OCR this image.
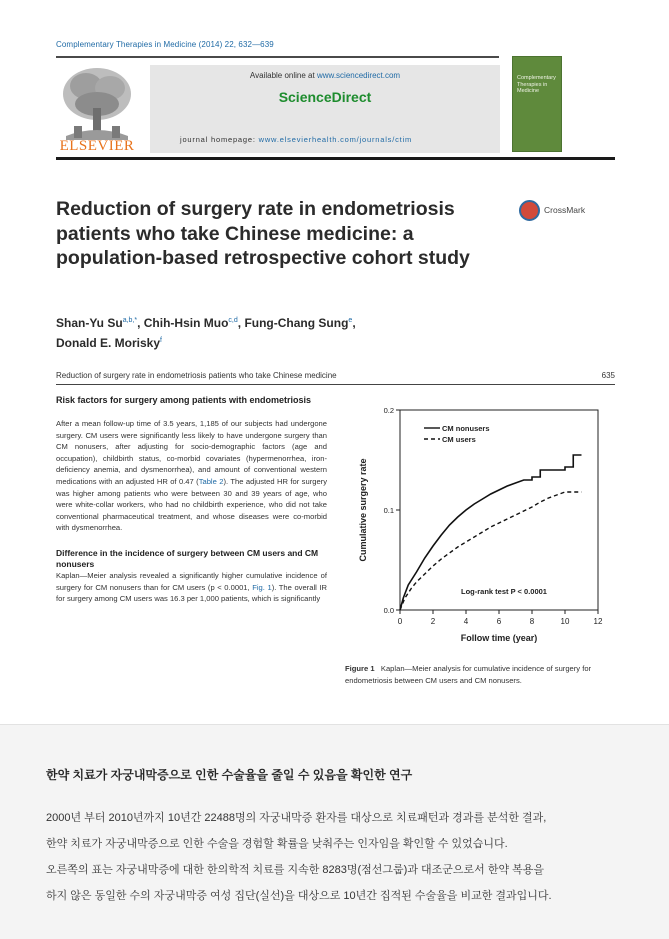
Complementary Therapies in Medicine (2014) 22, 632—639
ELSEVIER
Available online at www.sciencedirect.com
ScienceDirect
journal homepage: www.elsevierhealth.com/journals/ctim
Complementary Therapies in Medicine
Reduction of surgery rate in endometriosis patients who take Chinese medicine: a population-based retrospective cohort study
CrossMark
Shan-Yu $Su^{a,b,*}$, Chih-Hsin Muo$^{c,d}$, Fung-Chang Sung$^e$,
Donald E. Morisky$^f$
Reduction of surgery rate in endometriosis patients who take Chinese medicine	635
Risk factors for surgery among patients with endometriosis

After a mean follow-up time of 3.5 years, 1,185 of our subjects had undergone surgery. CM users were significantly less likely to have undergone surgery than CM nonusers, after adjusting for socio-demographic factors (age and occupation), childbirth status, co-morbid covariates (hypermenorrhea, iron-deficiency anemia, and dysmenorrhea), and amount of conventional western medications with an adjusted HR of 0.47 (Table 2). The adjusted HR for surgery was higher among patients who were between 30 and 39 years of age, who were white-collar workers, who had no childbirth experience, who did not take conventional pharmaceutical treatment, and whose diseases were co-morbid with dysmenorrhea.

Difference in the incidence of surgery between CM users and CM nonusers

Kaplan—Meier analysis revealed a significantly higher cumulative incidence of surgery for CM nonusers than for CM users (p < 0.0001, Fig. 1). The overall IR for surgery among CM users was 16.3 per 1,000 patients, which is significantly

0	2	4	6	8	10	12
0.0
0.1
0.2
Follow time (year)
Cumulative surgery rate
CM nonusers
CM users
Log-rank test P < 0.0001
Figure 1 Kaplan—Meier analysis for cumulative incidence of surgery for endometriosis between CM users and CM nonusers.
한약 치료가 자궁내막증으로 인한 수술율을 줄일 수 있음을 확인한 연구
2000년 부터 2010년까지 10년간 22488명의 자궁내막증 환자를 대상으로 치료패턴과 경과를 분석한 결과,
한약 치료가 자궁내막증으로 인한 수술을 경험할 확률을 낮춰주는 인자임을 확인할 수 있었습니다.
오른쪽의 표는 자궁내막증에 대한 한의학적 치료를 지속한 8283명(점선그룹)과 대조군으로서 한약 복용을
하지 않은 동일한 수의 자궁내막증 여성 집단(실선)을 대상으로 10년간 집적된 수술율을 비교한 결과입니다.
